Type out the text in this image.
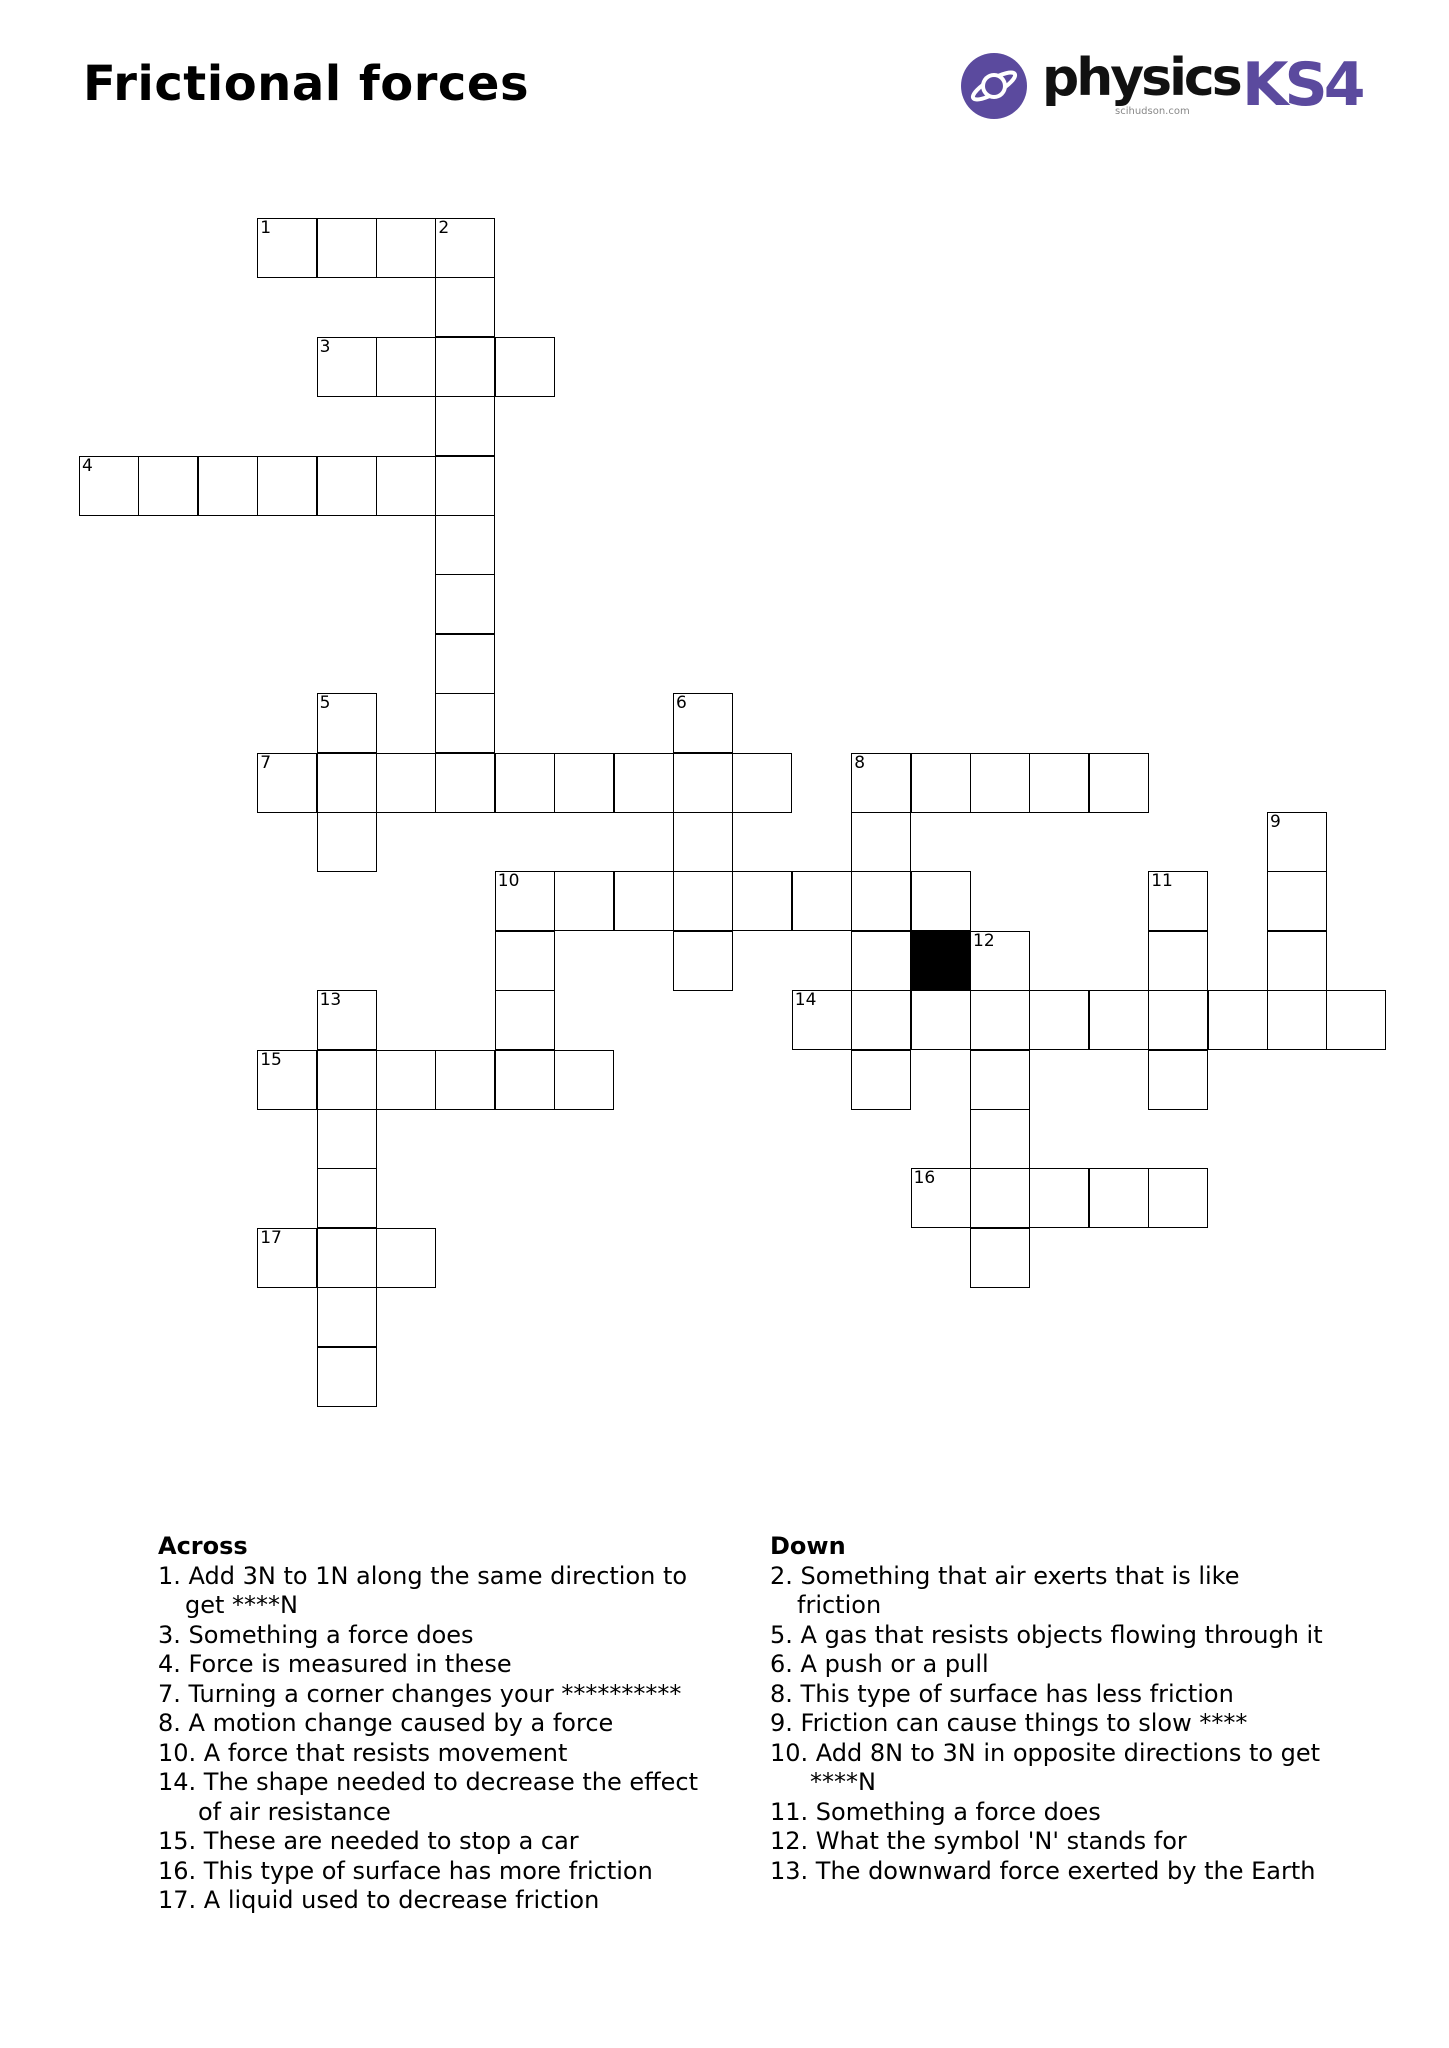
Frictional forces	physics
scihudson.com KS4
1	2
3
4
5	6
7	8
9
10	11
12
13	14
15
16
17
Across
1. Add 3N to 1N along the same direction to get ****N
3. Something a force does
4. Force is measured in these
7. Turning a corner changes your **********
8. A motion change caused by a force
10. A force that resists movement
14. The shape needed to decrease the effect of air resistance
15. These are needed to stop a car
16. This type of surface has more friction
17. A liquid used to decrease friction
Down
2. Something that air exerts that is like friction
5. A gas that resists objects flowing through it
6. A push or a pull
8. This type of surface has less friction
9. Friction can cause things to slow ****
10. Add 8N to 3N in opposite directions to get ****N
11. Something a force does
12. What the symbol 'N' stands for
13. The downward force exerted by the Earth
